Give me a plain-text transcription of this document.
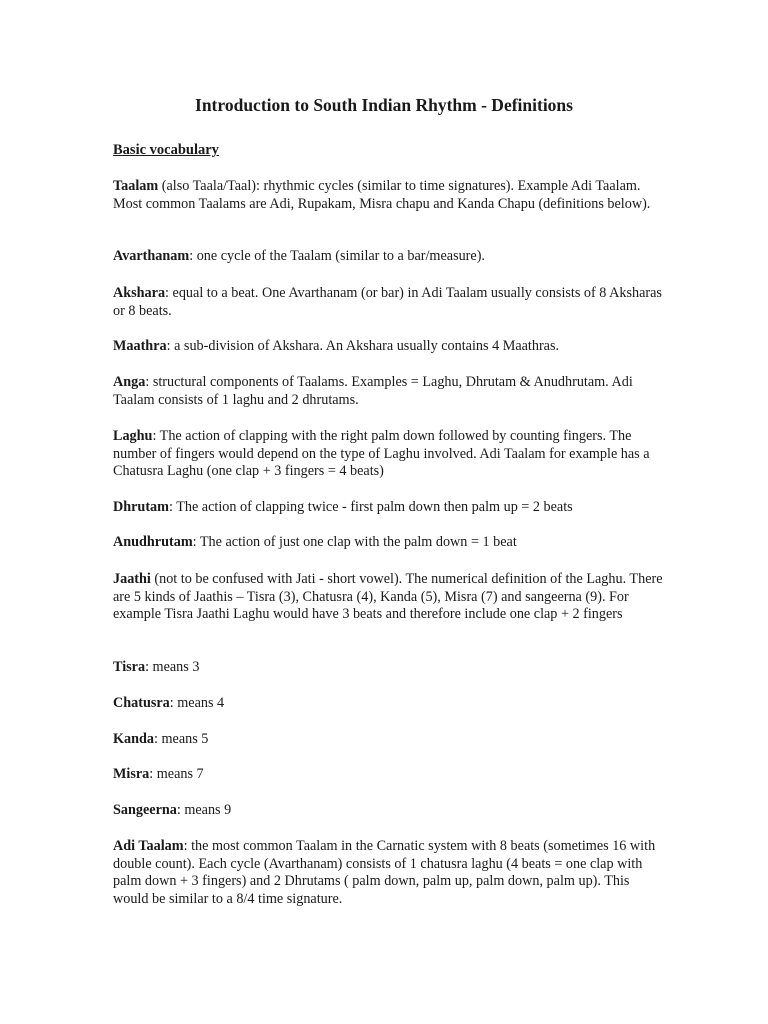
Introduction to South Indian Rhythm - Definitions
Basic vocabulary
Taalam (also Taala/Taal): rhythmic cycles (similar to time signatures). Example Adi Taalam. Most common Taalams are Adi, Rupakam, Misra chapu and Kanda Chapu (definitions below).
Avarthanam: one cycle of the Taalam (similar to a bar/measure).
Akshara: equal to a beat. One Avarthanam (or bar) in Adi Taalam usually consists of 8 Aksharas or 8 beats.
Maathra: a sub-division of Akshara. An Akshara usually contains 4 Maathras.
Anga: structural components of Taalams. Examples = Laghu, Dhrutam & Anudhrutam. Adi Taalam consists of 1 laghu and 2 dhrutams.
Laghu: The action of clapping with the right palm down followed by counting fingers. The number of fingers would depend on the type of Laghu involved. Adi Taalam for example has a Chatusra Laghu (one clap + 3 fingers = 4 beats)
Dhrutam: The action of clapping twice - first palm down then palm up = 2 beats
Anudhrutam: The action of just one clap with the palm down = 1 beat
Jaathi (not to be confused with Jati - short vowel). The numerical definition of the Laghu. There are 5 kinds of Jaathis – Tisra (3), Chatusra (4), Kanda (5), Misra (7) and sangeerna (9). For example Tisra Jaathi Laghu would have 3 beats and therefore include one clap + 2 fingers
Tisra: means 3
Chatusra: means 4
Kanda: means 5
Misra: means 7
Sangeerna: means 9
Adi Taalam: the most common Taalam in the Carnatic system with 8 beats (sometimes 16 with double count). Each cycle (Avarthanam) consists of 1 chatusra laghu (4 beats = one clap with palm down + 3 fingers) and 2 Dhrutams ( palm down, palm up, palm down, palm up). This would be similar to a 8/4 time signature.
